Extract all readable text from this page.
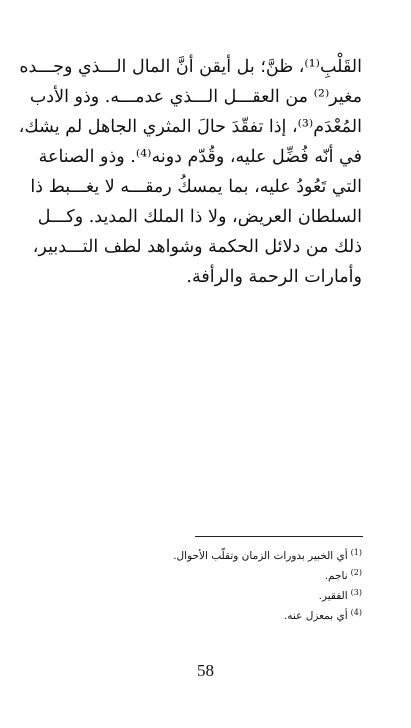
القَلْبِ⁽¹⁾، ظنَّ؛ بل أيقن أنَّ المال الـــذي وجـــده
مغير⁽²⁾ من العقـــل الـــذي عدمـــه. وذو الأدب
المُعْدَم⁽³⁾، إذا تفقّدَ حالَ المثري الجاهل لم يشك،
في أنّه فُضِّل عليه، وقُدّم دونه⁽⁴⁾. وذو الصناعة
التي تَعُودُ عليه، بما يمسكُ رمقـــه لا يغـــبط ذا
السلطان العريض، ولا ذا الملك المديد. وكـــل
ذلك من دلائل الحكمة وشواهد لطف التـــدبير،
وأمارات الرحمة والرأفة.
$^{(1)}$أي الخبير بدورات الزمان وتقلّب الأحوال.
$^{(2)}$ناجم.
$^{(3)}$الفقير.
$^{(4)}$أي بمعزل عنه.
58
